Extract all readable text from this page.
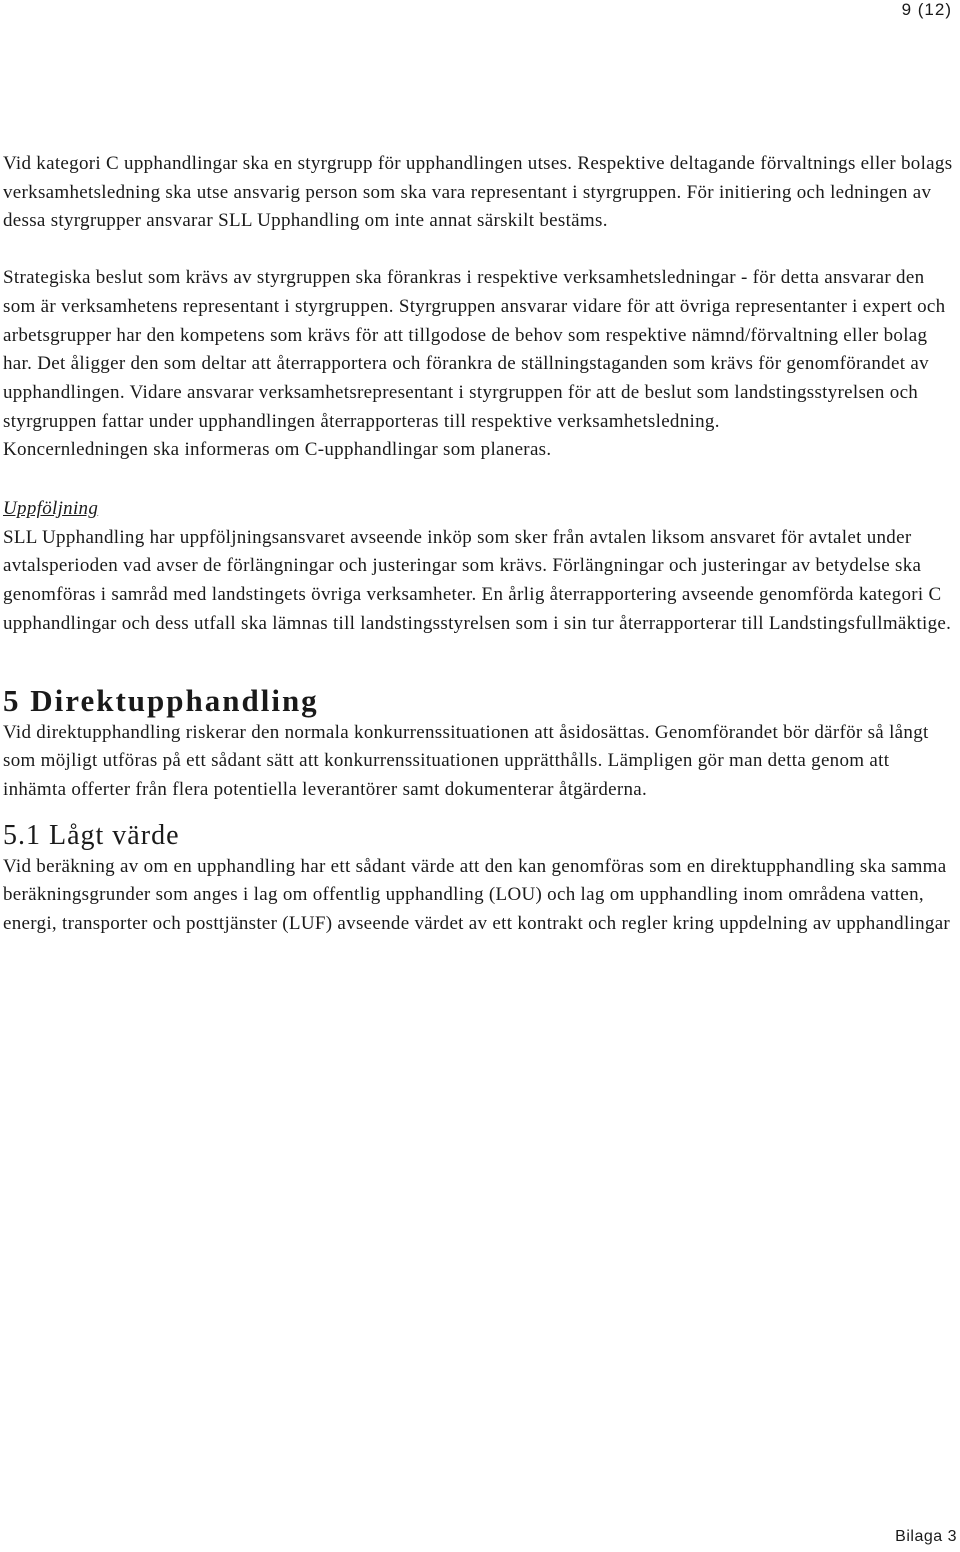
9 (12)

Vid kategori C upphandlingar ska en styrgrupp för upphandlingen utses. Respektive deltagande förvaltnings eller bolags verksamhetsledning ska utse ansvarig person som ska vara representant i styrgruppen. För initiering och ledningen av dessa styrgrupper ansvarar SLL Upphandling om inte annat särskilt bestäms.

Strategiska beslut som krävs av styrgruppen ska förankras i respektive verksamhetsledningar - för detta ansvarar den som är verksamhetens representant i styrgruppen. Styrgruppen ansvarar vidare för att övriga representanter i expert och arbetsgrupper har den kompetens som krävs för att tillgodose de behov som respektive nämnd/förvaltning eller bolag har. Det åligger den som deltar att återrapportera och förankra de ställningstaganden som krävs för genomförandet av upphandlingen. Vidare ansvarar verksamhetsrepresentant i styrgruppen för att de beslut som landstingsstyrelsen och styrgruppen fattar under upphandlingen återrapporteras till respektive verksamhetsledning.

Koncernledningen ska informeras om C-upphandlingar som planeras.

Uppföljning

SLL Upphandling har uppföljningsansvaret avseende inköp som sker från avtalen liksom ansvaret för avtalet under avtalsperioden vad avser de förlängningar och justeringar som krävs. Förlängningar och justeringar av betydelse ska genomföras i samråd med landstingets övriga verksamheter. En årlig återrapportering avseende genomförda kategori C upphandlingar och dess utfall ska lämnas till landstingsstyrelsen som i sin tur återrapporterar till Landstingsfullmäktige.

5 Direktupphandling

Vid direktupphandling riskerar den normala konkurrenssituationen att åsidosättas. Genomförandet bör därför så långt som möjligt utföras på ett sådant sätt att konkurrenssituationen upprätthålls. Lämpligen gör man detta genom att inhämta offerter från flera potentiella leverantörer samt dokumenterar åtgärderna.

5.1 Lågt värde

Vid beräkning av om en upphandling har ett sådant värde att den kan genomföras som en direktupphandling ska samma beräkningsgrunder som anges i lag om offentlig upphandling (LOU) och lag om upphandling inom områdena vatten, energi, transporter och posttjänster (LUF) avseende värdet av ett kontrakt och regler kring uppdelning av upphandlingar

Bilaga 3
